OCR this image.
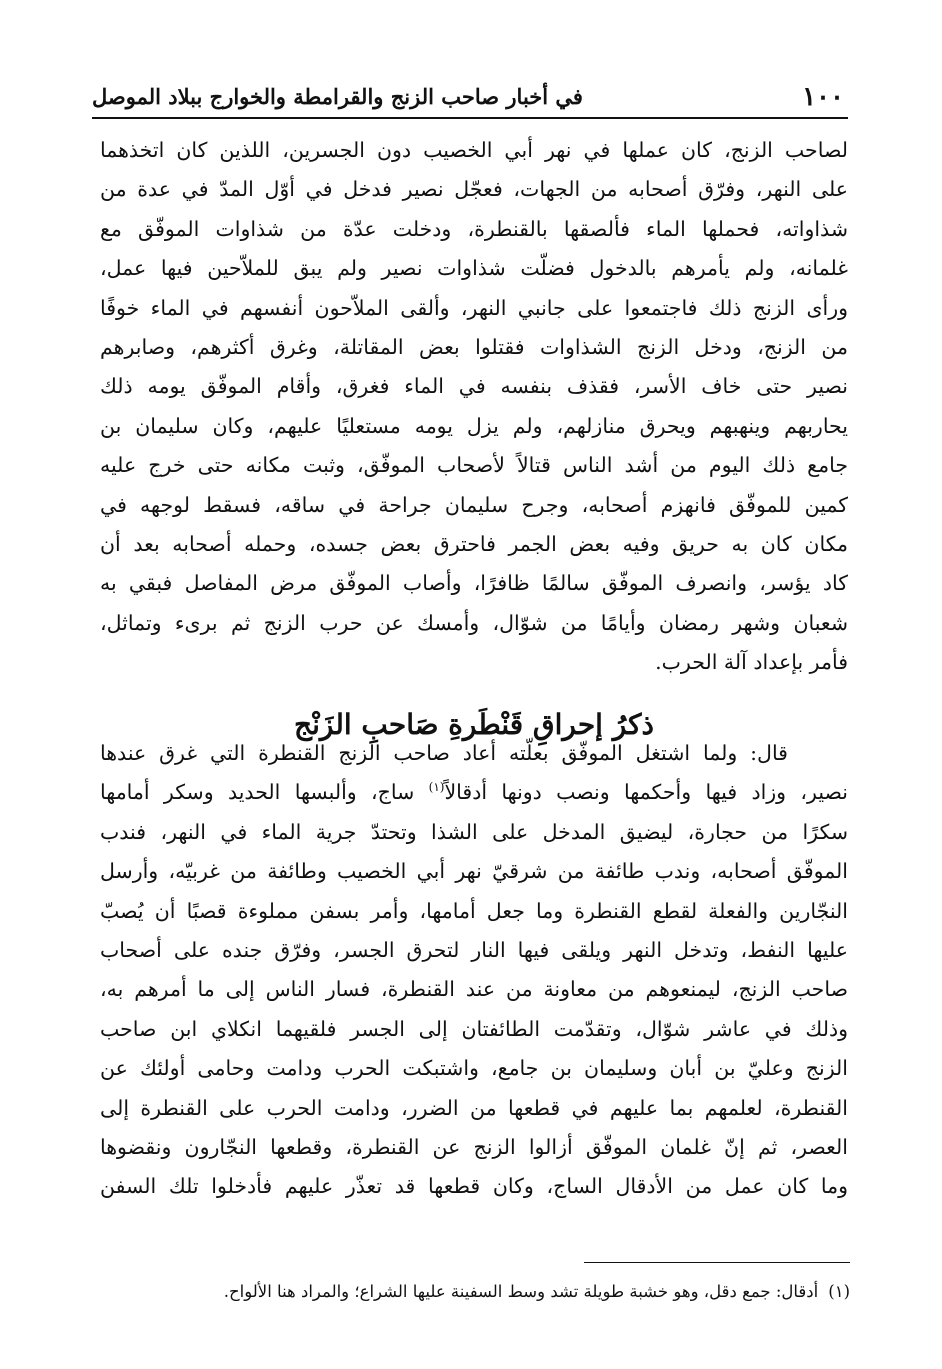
١٠٠
في أخبار صاحب الزنج والقرامطة والخوارج ببلاد الموصل
لصاحب الزنج، كان عملها في نهر أبي الخصيب دون الجسرين، اللذين كان اتخذهما
على النهر، وفرّق أصحابه من الجهات، فعجّل نصير فدخل في أوّل المدّ في عدة من
شذاواته، فحملها الماء فألصقها بالقنطرة، ودخلت عدّة من شذاوات الموفّق مع
غلمانه، ولم يأمرهم بالدخول فضلّت شذاوات نصير ولم يبق للملاّحين فيها عمل،
ورأى الزنج ذلك فاجتمعوا على جانبي النهر، وألقى الملاّحون أنفسهم في الماء خوفًا
من الزنج، ودخل الزنج الشذاوات فقتلوا بعض المقاتلة، وغرق أكثرهم، وصابرهم
نصير حتى خاف الأسر، فقذف بنفسه في الماء فغرق، وأقام الموفّق يومه ذلك
يحاربهم وينهبهم ويحرق منازلهم، ولم يزل يومه مستعليًا عليهم، وكان سليمان بن
جامع ذلك اليوم من أشد الناس قتالاً لأصحاب الموفّق، وثبت مكانه حتى خرج عليه
كمين للموفّق فانهزم أصحابه، وجرح سليمان جراحة في ساقه، فسقط لوجهه في
مكان كان به حريق وفيه بعض الجمر فاحترق بعض جسده، وحمله أصحابه بعد أن
كاد يؤسر، وانصرف الموفّق سالمًا ظافرًا، وأصاب الموفّق مرض المفاصل فبقي به
شعبان وشهر رمضان وأيامًا من شوّال، وأمسك عن حرب الزنج ثم برىء وتماثل،
فأمر بإعداد آلة الحرب.
ذكرُ إحراقِ قَنْطَرةِ صَاحبِ الزَنْج
قال: ولما اشتغل الموفّق بعلّته أعاد صاحب الزنج القنطرة التي غرق عندها
نصير، وزاد فيها وأحكمها ونصب دونها أدقالاً$^{(١)}$ ساج، وألبسها الحديد وسكر أمامها
سكرًا من حجارة، ليضيق المدخل على الشذا وتحتدّ جرية الماء في النهر، فندب
الموفّق أصحابه، وندب طائفة من شرقيّ نهر أبي الخصيب وطائفة من غربيّه، وأرسل
النجّارين والفعلة لقطع القنطرة وما جعل أمامها، وأمر بسفن مملوءة قصبًا أن يُصبّ
عليها النفط، وتدخل النهر ويلقى فيها النار لتحرق الجسر، وفرّق جنده على أصحاب
صاحب الزنج، ليمنعوهم من معاونة من عند القنطرة، فسار الناس إلى ما أمرهم به،
وذلك في عاشر شوّال، وتقدّمت الطائفتان إلى الجسر فلقيهما انكلاي ابن صاحب
الزنج وعليّ بن أبان وسليمان بن جامع، واشتبكت الحرب ودامت وحامى أولئك عن
القنطرة، لعلمهم بما عليهم في قطعها من الضرر، ودامت الحرب على القنطرة إلى
العصر، ثم إنّ غلمان الموفّق أزالوا الزنج عن القنطرة، وقطعها النجّارون ونقضوها
وما كان عمل من الأدقال الساج، وكان قطعها قد تعذّر عليهم فأدخلوا تلك السفن
(١)أدقال: جمع دقل، وهو خشبة طويلة تشد وسط السفينة عليها الشراع؛ والمراد هنا الألواح.
